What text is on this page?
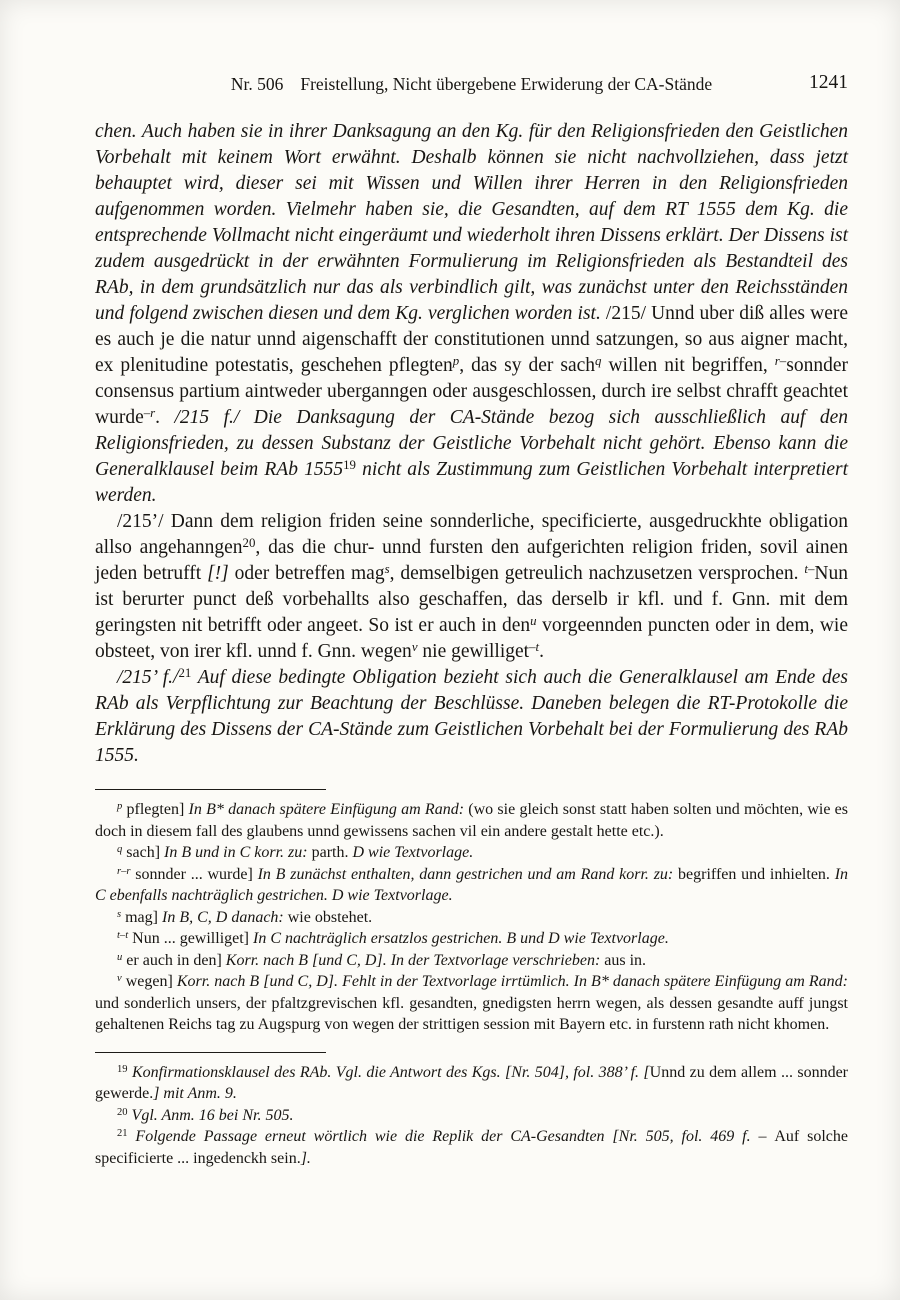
Nr. 506 Freistellung, Nicht übergebene Erwiderung der CA-Stände	1241

chen. Auch haben sie in ihrer Danksagung an den Kg. für den Religionsfrieden den Geistlichen Vorbehalt mit keinem Wort erwähnt. Deshalb können sie nicht nachvollziehen, dass jetzt behauptet wird, dieser sei mit Wissen und Willen ihrer Herren in den Religionsfrieden aufgenommen worden. Vielmehr haben sie, die Gesandten, auf dem RT 1555 dem Kg. die entsprechende Vollmacht nicht eingeräumt und wiederholt ihren Dissens erklärt. Der Dissens ist zudem ausgedrückt in der erwähnten Formulierung im Religionsfrieden als Bestandteil des RAb, in dem grundsätzlich nur das als verbindlich gilt, was zunächst unter den Reichsständen und folgend zwischen diesen und dem Kg. verglichen worden ist. /215/ Unnd uber diß alles were es auch je die natur unnd aigenschafft der constitutionen unnd satzungen, so aus aigner macht, ex plenitudine potestatis, geschehen pflegten$^p$, das sy der sach$^q$ willen nit begriffen, $^{r-}$sonnder consensus partium aintweder uberganngen oder ausgeschlossen, durch ire selbst chrafft geachtet wurde$^{-r}$. /215 f./ Die Danksagung der CA-Stände bezog sich ausschließlich auf den Religionsfrieden, zu dessen Substanz der Geistliche Vorbehalt nicht gehört. Ebenso kann die Generalklausel beim RAb 1555$^{19}$ nicht als Zustimmung zum Geistlichen Vorbehalt interpretiert werden.

/215’/ Dann dem religion friden seine sonnderliche, specificierte, ausgedruckhte obligation allso angehanngen$^{20}$, das die chur- unnd fursten den aufgerichten religion friden, sovil ainen jeden betrufft [!] oder betreffen mag$^s$, demselbigen getreulich nachzusetzen versprochen. $^{t-}$Nun ist berurter punct deß vorbehallts also geschaffen, das derselb ir kfl. und f. Gnn. mit dem geringsten nit betrifft oder angeet. So ist er auch in den$^u$ vorgeennden puncten oder in dem, wie obsteet, von irer kfl. unnd f. Gnn. wegen$^v$ nie gewilliget$^{-t}$.

/215’ f./$^{21}$ Auf diese bedingte Obligation bezieht sich auch die Generalklausel am Ende des RAb als Verpflichtung zur Beachtung der Beschlüsse. Daneben belegen die RT-Protokolle die Erklärung des Dissens der CA-Stände zum Geistlichen Vorbehalt bei der Formulierung des RAb 1555.

$^p$ pflegten] In B* danach spätere Einfügung am Rand: (wo sie gleich sonst statt haben solten und möchten, wie es doch in diesem fall des glaubens unnd gewissens sachen vil ein andere gestalt hette etc.).

$^q$ sach] In B und in C korr. zu: parth. D wie Textvorlage.

$^{r-r}$ sonnder ... wurde] In B zunächst enthalten, dann gestrichen und am Rand korr. zu: begriffen und inhielten. In C ebenfalls nachträglich gestrichen. D wie Textvorlage.

$^s$ mag] In B, C, D danach: wie obstehet.

$^{t-t}$ Nun ... gewilliget] In C nachträglich ersatzlos gestrichen. B und D wie Textvorlage.

$^u$ er auch in den] Korr. nach B [und C, D]. In der Textvorlage verschrieben: aus in.

$^v$ wegen] Korr. nach B [und C, D]. Fehlt in der Textvorlage irrtümlich. In B* danach spätere Einfügung am Rand: und sonderlich unsers, der pfaltzgrevischen kfl. gesandten, gnedigsten herrn wegen, als dessen gesandte auff jungst gehaltenen Reichs tag zu Augspurg von wegen der strittigen session mit Bayern etc. in furstenn rath nicht khomen.

$^{19}$ Konfirmationsklausel des RAb. Vgl. die Antwort des Kgs. [Nr. 504], fol. 388’ f. [Unnd zu dem allem ... sonnder gewerde.] mit Anm. 9.

$^{20}$ Vgl. Anm. 16 bei Nr. 505.

$^{21}$ Folgende Passage erneut wörtlich wie die Replik der CA-Gesandten [Nr. 505, fol. 469 f. – Auf solche specificierte ... ingedenckh sein.].
